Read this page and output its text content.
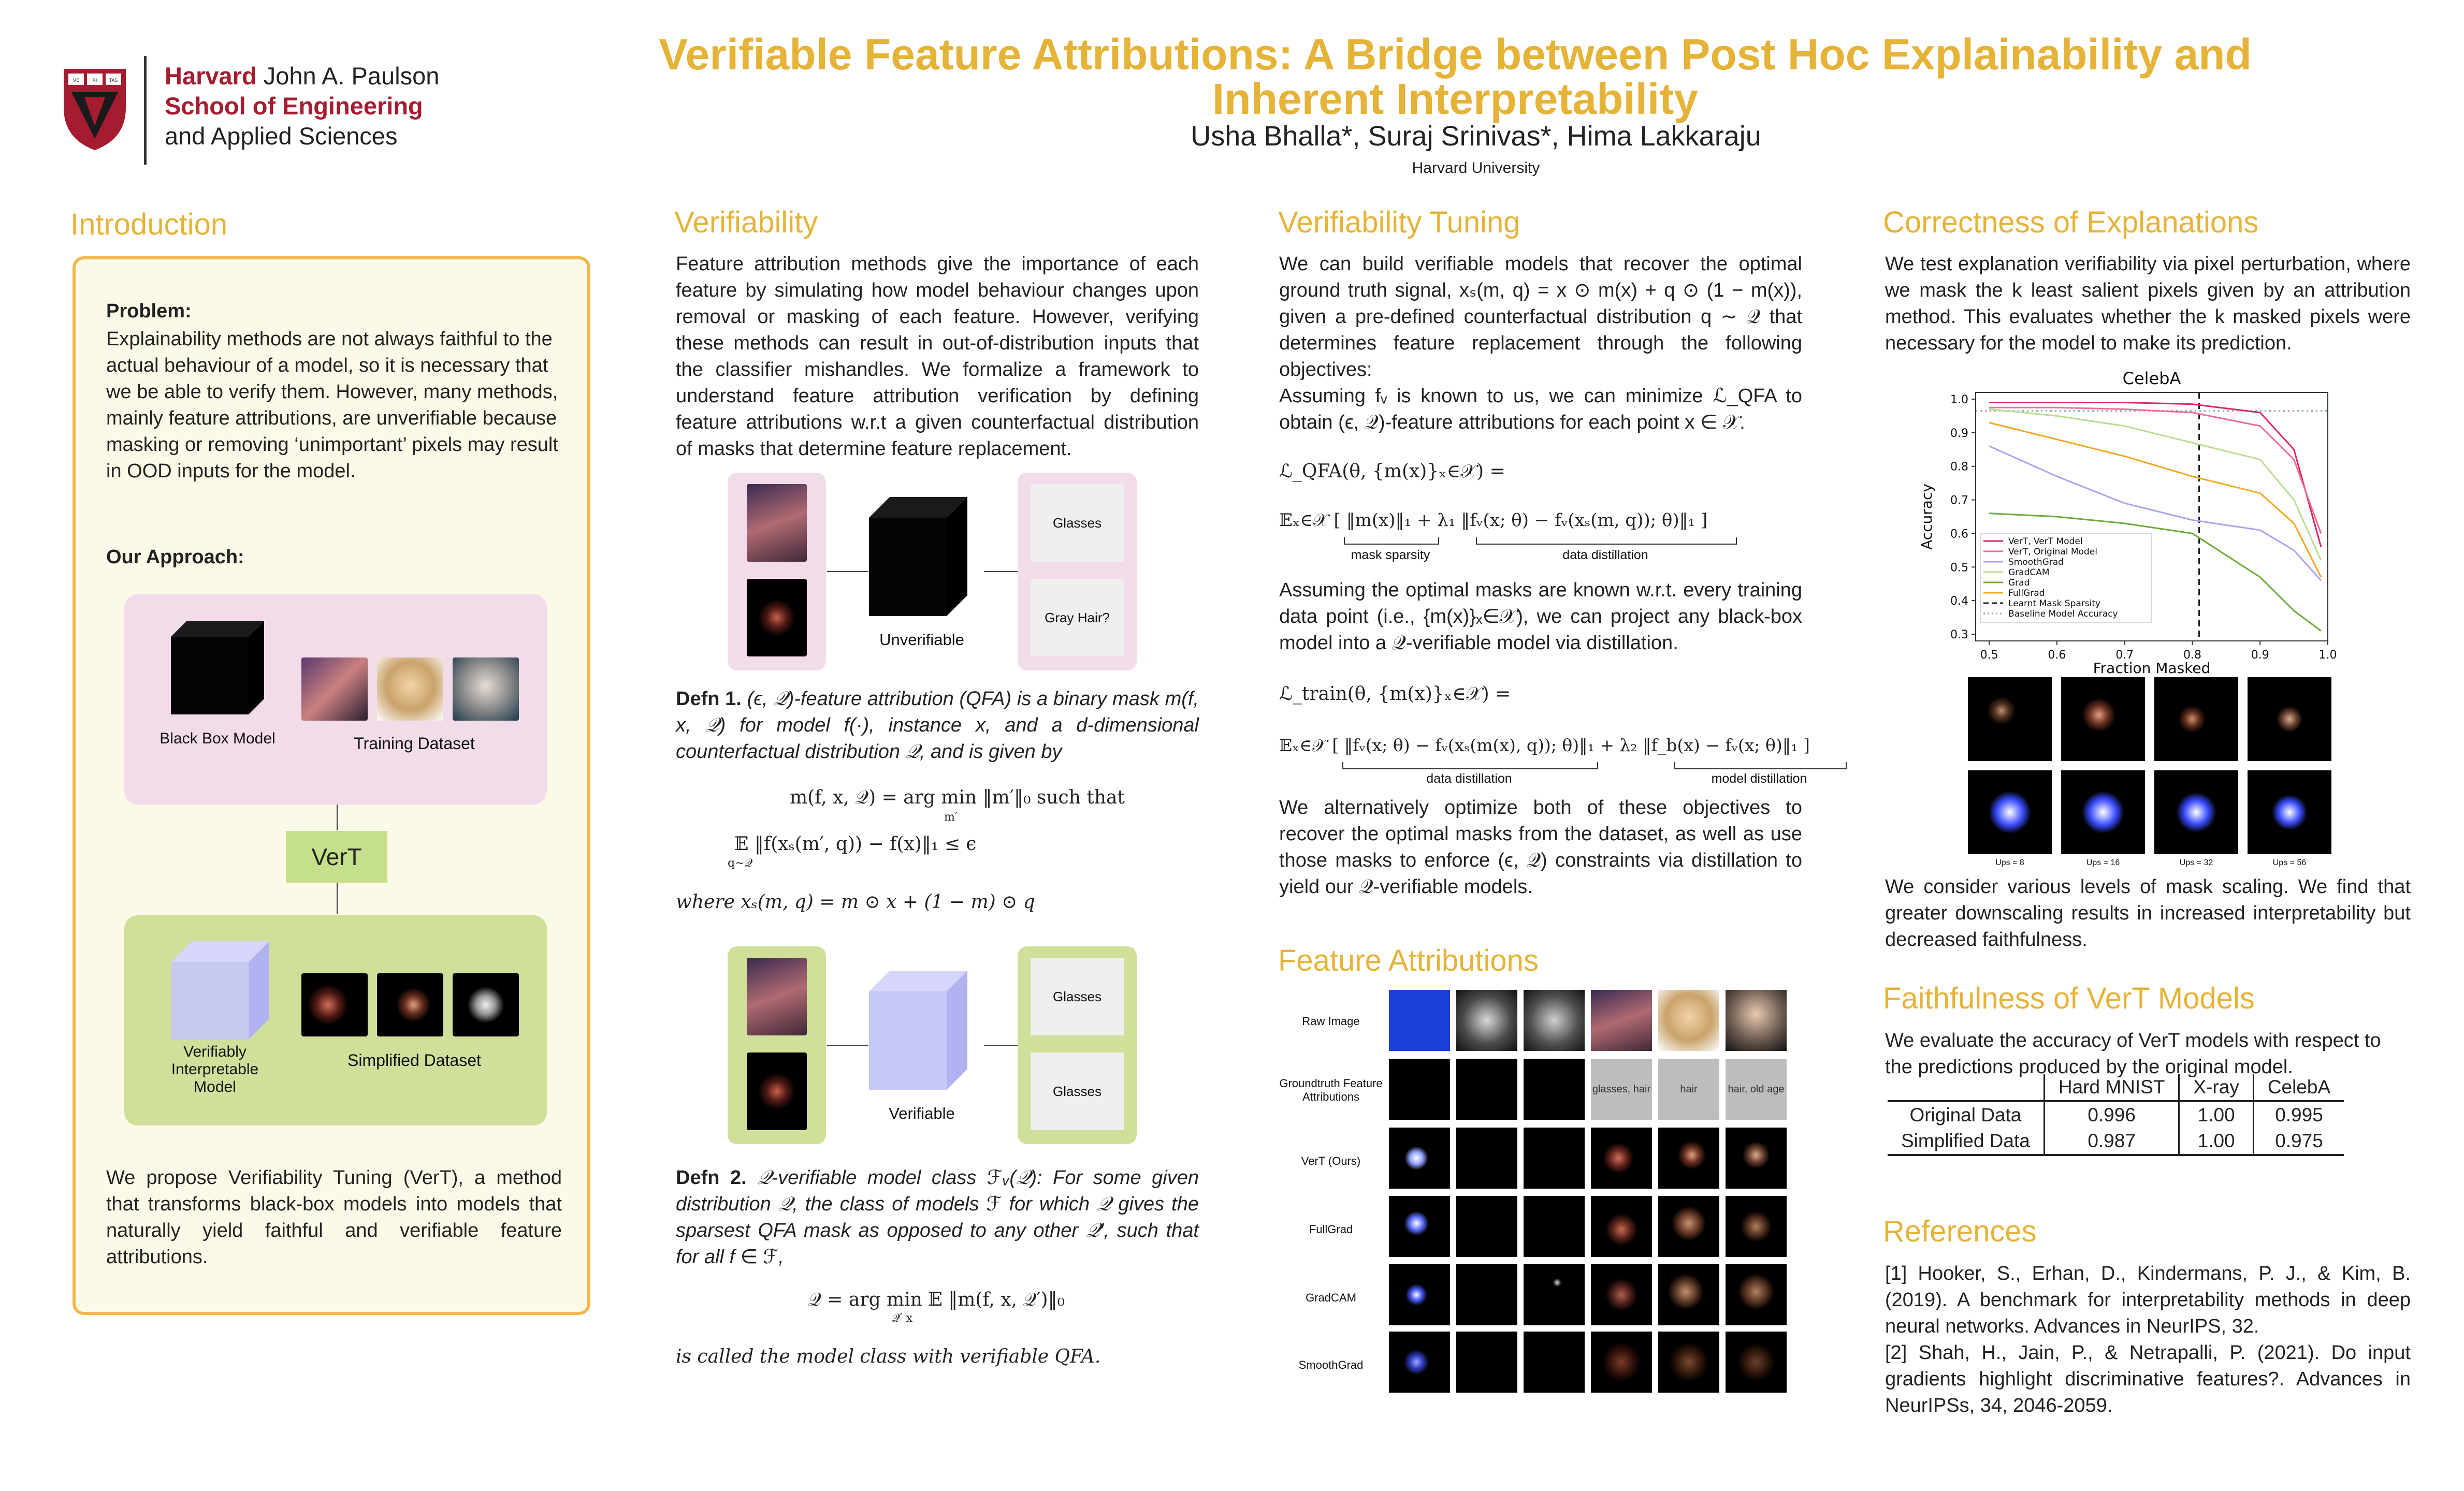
VE	RI	TAS Harvard John A. Paulson
School of Engineering
and Applied Sciences
Verifiable Feature Attributions: A Bridge between Post Hoc Explainability and Inherent Interpretability
Usha Bhalla*, Suraj Srinivas*, Hima Lakkaraju
Harvard University
Introduction
Problem:
Explainability methods are not always faithful to the actual behaviour of a model, so it is necessary that we be able to verify them. However, many methods, mainly feature attributions, are unverifiable because masking or removing ‘unimportant’ pixels may result in OOD inputs for the model.
Our Approach:
Black Box Model	Training Dataset
VerT
Verifiably Interpretable Model
Simplified Dataset
We propose Verifiability Tuning (VerT), a method that transforms black-box models into models that naturally yield faithful and verifiable feature attributions.
Verifiability
Feature attribution methods give the importance of each feature by simulating how model behaviour changes upon removal or masking of each feature. However, verifying these methods can result in out-of-distribution inputs that the classifier mishandles. We formalize a framework to understand feature attribution verification by defining feature attributions w.r.t a given counterfactual distribution of masks that determine feature replacement.
Unverifiable
Glasses
Gray Hair?
Defn 1. (ϵ, 𝒬)-feature attribution (QFA) is a binary mask m(f, x, 𝒬) for model f(·), instance x, and a d-dimensional counterfactual distribution 𝒬, and is given by
m(f, x, 𝒬) = arg min ‖m′‖₀ such that
m′
𝔼 ‖f(xₛ(m′, q)) − f(x)‖₁ ≤ ϵ
q∼𝒬
where xₛ(m, q) = m ⊙ x + (1 − m) ⊙ q
Verifiable
Glasses
Glasses
Defn 2. 𝒬-verifiable model class ℱᵥ(𝒬): For some given distribution 𝒬, the class of models ℱ for which 𝒬 gives the sparsest QFA mask as opposed to any other 𝒬′, such that for all f ∈ ℱ,
𝒬 = arg min 𝔼 ‖m(f, x, 𝒬′)‖₀
𝒬′ x
is called the model class with verifiable QFA.
Verifiability Tuning
We can build verifiable models that recover the optimal ground truth signal, xₛ(m, q) = x ⊙ m(x) + q ⊙ (1 − m(x)), given a pre-defined counterfactual distribution q ∼ 𝒬 that determines feature replacement through the following objectives:
Assuming fᵥ is known to us, we can minimize ℒ_QFA to obtain (ϵ, 𝒬)-feature attributions for each point x ∈ 𝒳.
ℒ_QFA(θ, {m(x)}ₓ∈𝒳) =
𝔼ₓ∈𝒳 [ ‖m(x)‖₁ + λ₁ ‖fᵥ(x; θ) − fᵥ(xₛ(m, q)); θ)‖₁ ]
mask sparsity	data distillation
Assuming the optimal masks are known w.r.t. every training data point (i.e., {m(x)}ₓ∈𝒳), we can project any black-box model into a 𝒬-verifiable model via distillation.
ℒ_train(θ, {m(x)}ₓ∈𝒳) =
𝔼ₓ∈𝒳 [ ‖fᵥ(x; θ) − fᵥ(xₛ(m(x), q)); θ)‖₁ + λ₂ ‖f_b(x) − fᵥ(x; θ)‖₁ ]
data distillation	model distillation
We alternatively optimize both of these objectives to recover the optimal masks from the dataset, as well as use those masks to enforce (ϵ, 𝒬) constraints via distillation to yield our 𝒬-verifiable models.
Feature Attributions
Raw Image
Groundtruth Feature Attributions
VerT (Ours)
FullGrad
GradCAM
SmoothGrad
glasses, hair	hair	hair, old age
Correctness of Explanations
We test explanation verifiability via pixel perturbation, where we mask the k least salient pixels given by an attribution method. This evaluates whether the k masked pixels were necessary for the model to make its prediction.
CelebA
0.5	0.6	0.7	0.8	0.9	1.0
0.3
0.4
0.5
0.6
0.7
0.8
0.9
1.0
VerT, VerT Model
VerT, Original Model
SmoothGrad
GradCAM
Grad
FullGrad
Learnt Mask Sparsity
Baseline Model Accuracy
Fraction Masked
Accuracy
Ups = 8	Ups = 16	Ups = 32	Ups = 56
We consider various levels of mask scaling. We find that greater downscaling results in increased interpretability but decreased faithfulness.
Faithfulness of VerT Models
We evaluate the accuracy of VerT models with respect to the predictions produced by the original model.
	Hard MNIST	X-ray	CelebA
Original Data	0.996	1.00	0.995
Simplified Data	0.987	1.00	0.975
References
[1] Hooker, S., Erhan, D., Kindermans, P. J., & Kim, B. (2019). A benchmark for interpretability methods in deep neural networks. Advances in NeurIPS, 32.
[2] Shah, H., Jain, P., & Netrapalli, P. (2021). Do input gradients highlight discriminative features?. Advances in NeurIPSs, 34, 2046-2059.
